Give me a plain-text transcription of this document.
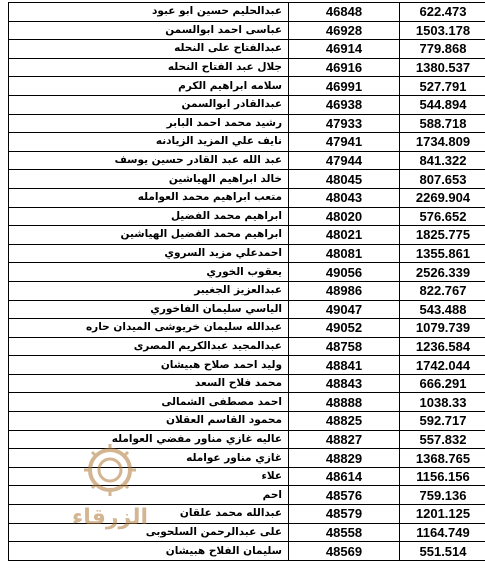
عبدالحليم حسين ابو عبود	46848	622.473
عباسى احمد ابوالسمن	46928	1503.178
عبدالفتاح على النحله	46914	779.868
جلال عبد الفتاح النحله	46916	1380.537
سلامه ابراهيم الكرم	46991	527.791
عبدالقادر ابوالسمن	46938	544.894
رشيد محمد احمد البابر	47933	588.718
نايف علي المزيد الزيادنه	47941	1734.809
عبد الله عبد القادر حسين يوسف	47944	841.322
خالد ابراهيم الهياشين	48045	807.653
متعب ابراهيم محمد العوامله	48043	2269.904
ابراهيم محمد الفضيل	48020	576.652
ابراهيم محمد الفضيل الهياشين	48021	1825.775
احمدعلي مزيد السروي	48081	1355.861
يعقوب الخوري	49056	2526.339
عبدالعزيز الجغيبر	48986	822.767
الياسي سليمان الفاخوري	49047	543.488
عبدالله سليمان خريوشى الميدان حاره	49052	1079.739
عبدالمجيد عبدالكريم المصرى	48758	1236.584
وليد احمد صلاح هبيشان	48841	1742.044
محمد فلاح السعد	48843	666.291
احمد مصطفى الشمالى	48888	1038.33
محمود القاسم العقلان	48825	592.717
عاليه غازي مناور مفضي العوامله	48827	557.832
غازي مناور عوامله	48829	1368.765
علاء	48614	1156.156
احم	48576	759.136
عبدالله محمد علقان	48579	1201.125
على عبدالرحمن السلحوبى	48558	1164.749
سليمان الفلاح هبيشان	48569	551.514
الزرقاء
